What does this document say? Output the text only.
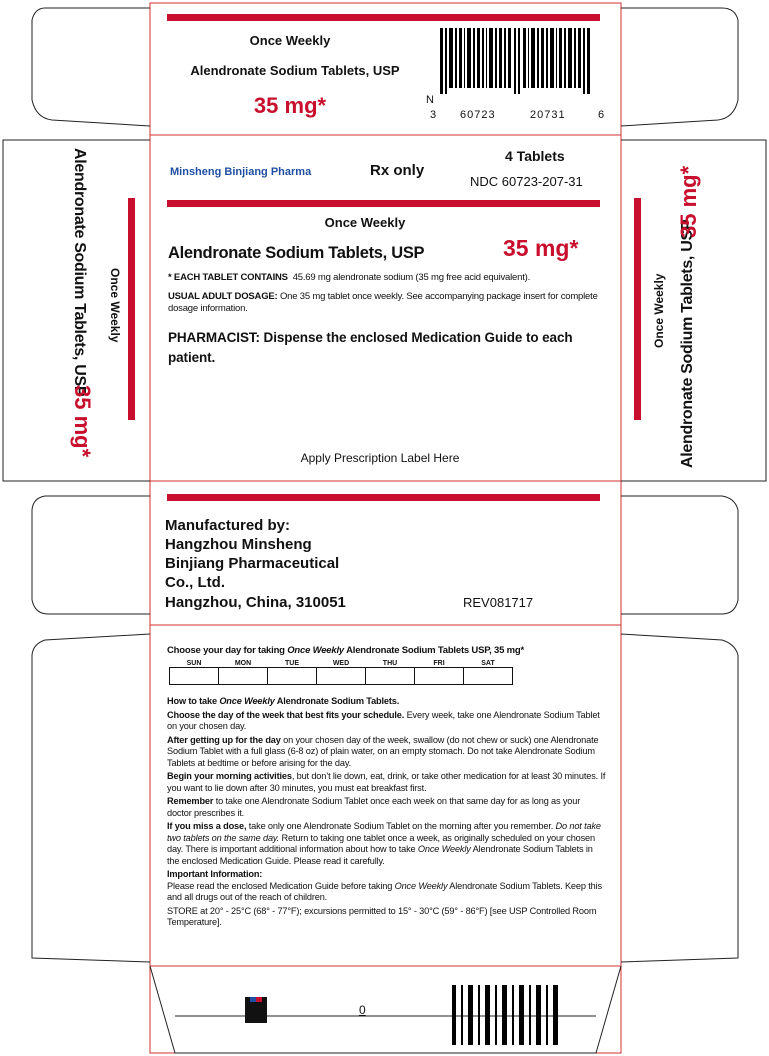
Once Weekly
Alendronate Sodium Tablets, USP
35 mg*	N
3 60723	20731	6
Minsheng Binjiang Pharma	Rx only
4 Tablets
NDC 60723-207-31
Once Weekly
Alendronate Sodium Tablets, USP	35 mg*
* EACH TABLET CONTAINS 45.69 mg alendronate sodium (35 mg free acid equivalent).
USUAL ADULT DOSAGE: One 35 mg tablet once weekly. See accompanying package insert for complete dosage information.
PHARMACIST: Dispense the enclosed Medication Guide to each patient.
Apply Prescription Label Here
Once Weekly
Alendronate Sodium Tablets, USP
35 mg*
Once Weekly Alendronate Sodium Tablets, USP
35 mg*
Manufactured by:
Hangzhou Minsheng
Binjiang Pharmaceutical
Co., Ltd.
Hangzhou, China, 310051	REV081717
Choose your day for taking Once Weekly Alendronate Sodium Tablets USP, 35 mg*
SUN	MON	TUE	WED	THU	FRI	SAT

How to take Once Weekly Alendronate Sodium Tablets.

Choose the day of the week that best fits your schedule. Every week, take one Alendronate Sodium Tablet on your chosen day.

After getting up for the day on your chosen day of the week, swallow (do not chew or suck) one Alendronate Sodium Tablet with a full glass (6-8 oz) of plain water, on an empty stomach. Do not take Alendronate Sodium Tablets at bedtime or before arising for the day.

Begin your morning activities, but don’t lie down, eat, drink, or take other medication for at least 30 minutes. If you want to lie down after 30 minutes, you must eat breakfast first.

Remember to take one Alendronate Sodium Tablet once each week on that same day for as long as your doctor prescribes it.

If you miss a dose, take only one Alendronate Sodium Tablet on the morning after you remember. Do not take two tablets on the same day. Return to taking one tablet once a week, as originally scheduled on your chosen day. There is important additional information about how to take Once Weekly Alendronate Sodium Tablets in the enclosed Medication Guide. Please read it carefully.

Important Information:

Please read the enclosed Medication Guide before taking Once Weekly Alendronate Sodium Tablets. Keep this and all drugs out of the reach of children.

STORE at 20° - 25°C (68° - 77°F); excursions permitted to 15° - 30°C (59° - 86°F) [see USP Controlled Room Temperature].

0
